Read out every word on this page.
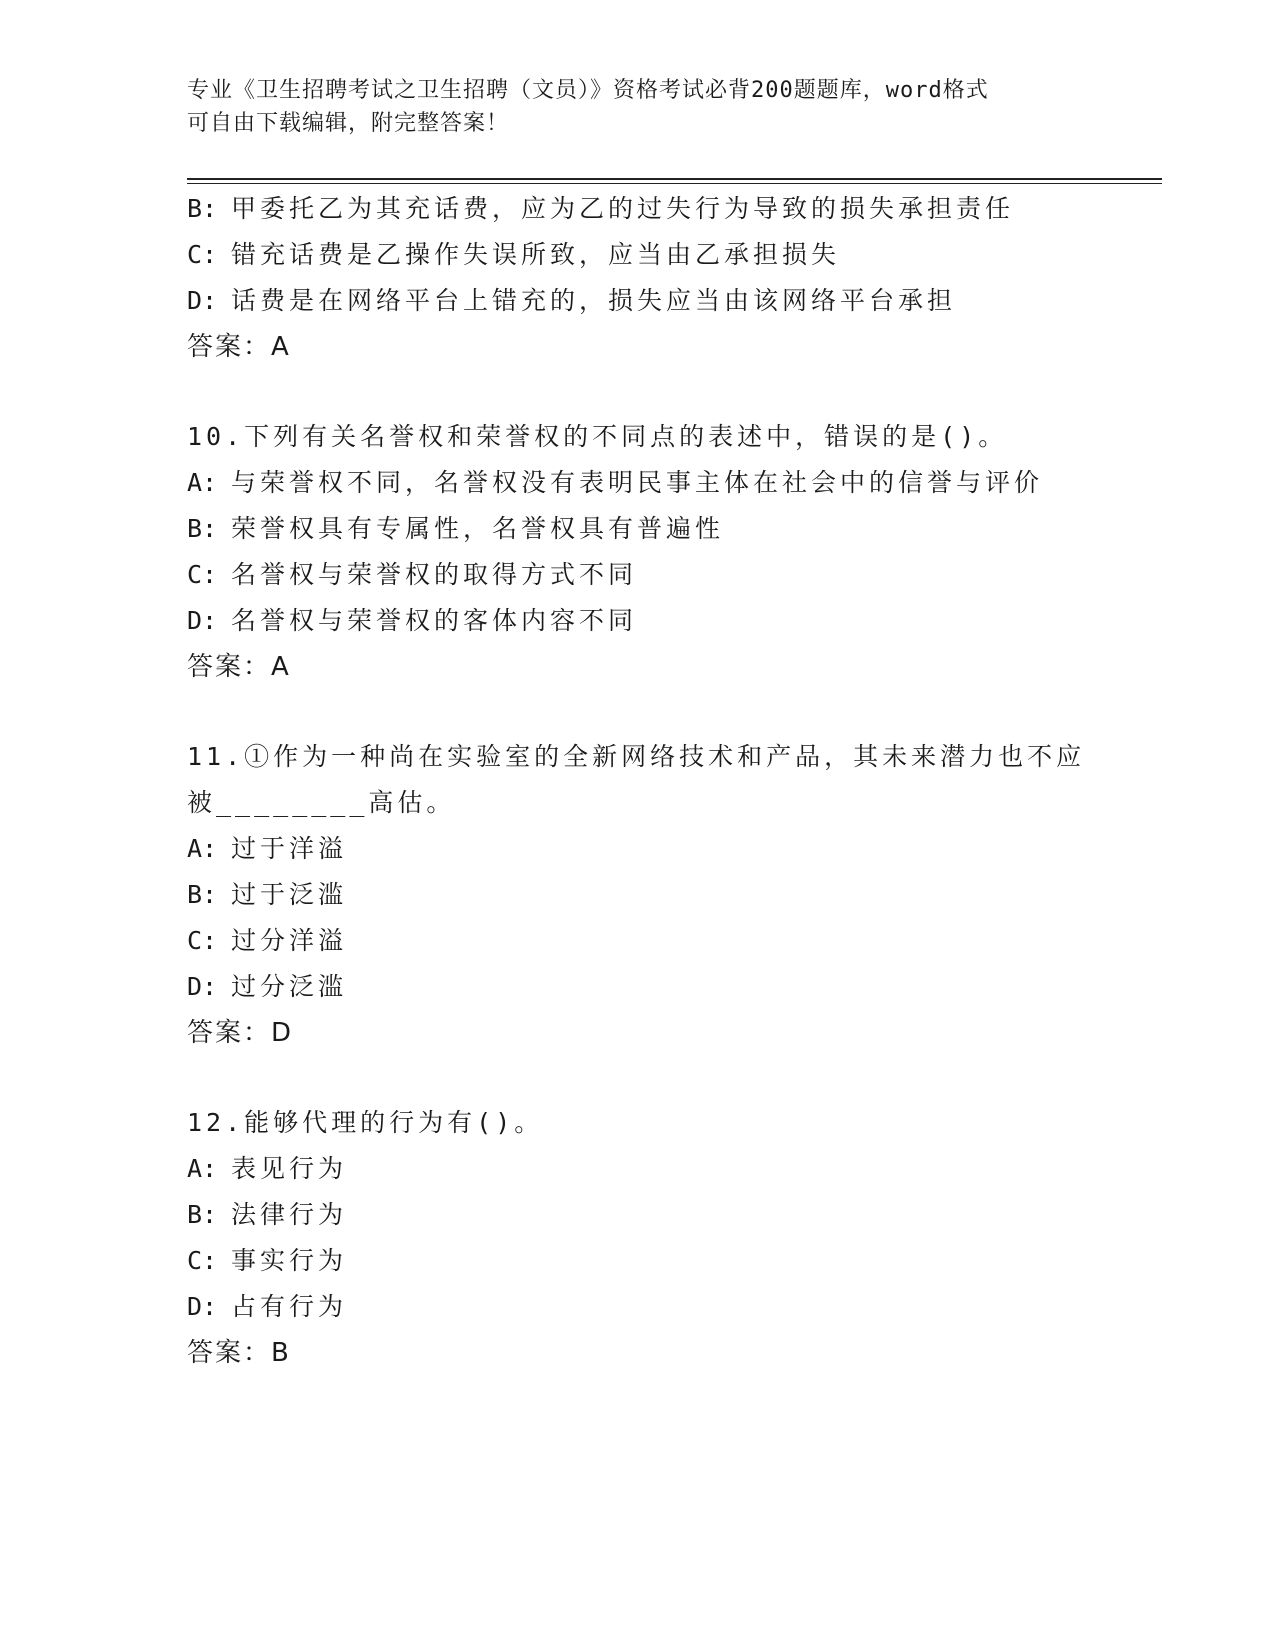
专业《卫生招聘考试之卫生招聘（文员）》资格考试必背200题题库，word格式
可自由下载编辑，附完整答案！
B: 甲委托乙为其充话费，应为乙的过失行为导致的损失承担责任
C: 错充话费是乙操作失误所致，应当由乙承担损失
D: 话费是在网络平台上错充的，损失应当由该网络平台承担
答案：A
10.下列有关名誉权和荣誉权的不同点的表述中，错误的是()。
A: 与荣誉权不同，名誉权没有表明民事主体在社会中的信誉与评价
B: 荣誉权具有专属性，名誉权具有普遍性
C: 名誉权与荣誉权的取得方式不同
D: 名誉权与荣誉权的客体内容不同
答案：A
11.①作为一种尚在实验室的全新网络技术和产品，其未来潜力也不应
被________高估。
A: 过于洋溢
B: 过于泛滥
C: 过分洋溢
D: 过分泛滥
答案：D
12.能够代理的行为有()。
A: 表见行为
B: 法律行为
C: 事实行为
D: 占有行为
答案：B
